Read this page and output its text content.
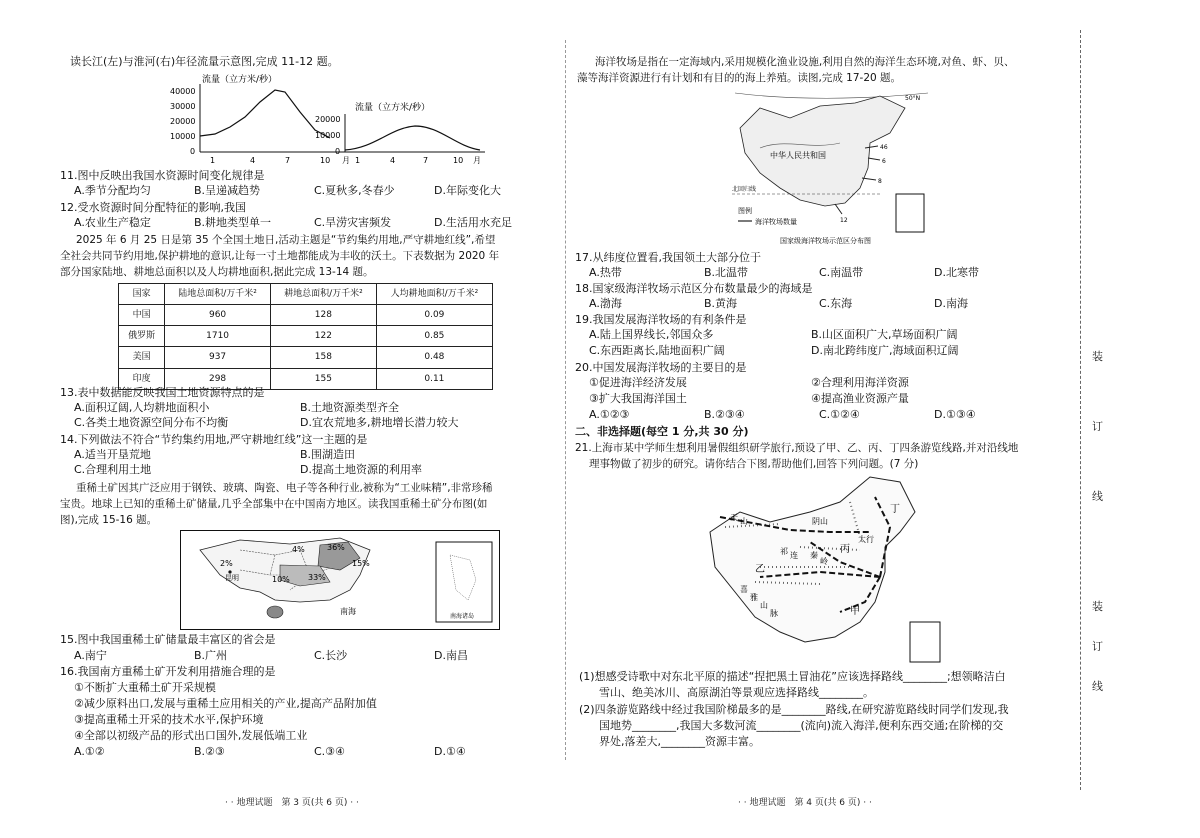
读长江(左)与淮河(右)年径流量示意图,完成 11-12 题。
流量（立方米/秒）
40000
30000
20000
10000
0
1	4	7	10 月
流量（立方米/秒）
20000
10000
0
1	4	7	10 月
11.图中反映出我国水资源时间变化规律是
A.季节分配均匀	B.呈递减趋势	C.夏秋多,冬春少	D.年际变化大
12.受水资源时间分配特征的影响,我国
A.农业生产稳定	B.耕地类型单一	C.旱涝灾害频发	D.生活用水充足
2025 年 6 月 25 日是第 35 个全国土地日,活动主题是“节约集约用地,严守耕地红线”,希望
全社会共同节约用地,保护耕地的意识,让每一寸土地都能成为丰收的沃土。下表数据为 2020 年
部分国家陆地、耕地总面积以及人均耕地面积,据此完成 13-14 题。
国家	陆地总面积/万千米²	耕地总面积/万千米²	人均耕地面积/万千米²
中国	960	128	0.09
俄罗斯	1710	122	0.85
美国	937	158	0.48
印度	298	155	0.11
13.表中数据能反映我国土地资源特点的是
A.面积辽阔,人均耕地面积小	B.土地资源类型齐全
C.各类土地资源空间分布不均衡	D.宜农荒地多,耕地增长潜力较大
14.下列做法不符合“节约集约用地,严守耕地红线”这一主题的是
A.适当开垦荒地	B.围湖造田
C.合理利用土地	D.提高土地资源的利用率
重稀土矿因其广泛应用于钢铁、玻璃、陶瓷、电子等各种行业,被称为“工业味精”,非常珍稀
宝贵。地球上已知的重稀土矿储量,几乎全部集中在中国南方地区。读我国重稀土矿分布图(如
图),完成 15-16 题。
4%	36%
2%
10% 33%
15%
昆明
南海
南海诸岛
15.图中我国重稀土矿储量最丰富区的省会是
A.南宁	B.广州	C.长沙	D.南昌
16.我国南方重稀土矿开发利用措施合理的是
①不断扩大重稀土矿开采规模
②减少原料出口,发展与重稀土应用相关的产业,提高产品附加值
③提高重稀土开采的技术水平,保护环境
④全部以初级产品的形式出口国外,发展低端工业
A.①②	B.②③	C.③④	D.①④
· · 地理试题　第 3 页(共 6 页) · ·
海洋牧场是指在一定海域内,采用规模化渔业设施,利用自然的海洋生态环境,对鱼、虾、贝、
藻等海洋资源进行有计划和有目的的海上养殖。读图,完成 17-20 题。
50°N
中华人民共和国
北回归线
46
6
8
12
图例
海洋牧场数量
国家级海洋牧场示范区分布图
17.从纬度位置看,我国领土大部分位于
A.热带	B.北温带	C.南温带	D.北寒带
18.国家级海洋牧场示范区分布数量最少的海域是
A.渤海	B.黄海	C.东海	D.南海
19.我国发展海洋牧场的有利条件是
A.陆上国界线长,邻国众多	B.山区面积广大,草场面积广阔
C.东西距离长,陆地面积广阔	D.南北跨纬度广,海域面积辽阔
20.中国发展海洋牧场的主要目的是
①促进海洋经济发展	②合理利用海洋资源
③扩大我国海洋国土	④提高渔业资源产量
A.①②③	B.②③④	C.①②④	D.①③④
二、非选择题(每空 1 分,共 30 分)
21.上海市某中学师生想利用暑假组织研学旅行,预设了甲、乙、丙、丁四条游览线路,并对沿线地
理事物做了初步的研究。请你结合下图,帮助他们,回答下列问题。(7 分)
丁
丙
乙
甲
阴山
太行
喜
雅
山
脉
秦
岭
天 山
祁 连
(1)想感受诗歌中对东北平原的描述“捏把黑土冒油花”应该选择路线________;想领略洁白
雪山、绝美冰川、高原湖泊等景观应选择路线________。
(2)四条游览路线中经过我国阶梯最多的是________路线,在研究游览路线时同学们发现,我
国地势________,我国大多数河流________(流向)流入海洋,便利东西交通;在阶梯的交
界处,落差大,________资源丰富。
· · 地理试题　第 4 页(共 6 页) · ·
装
订
线
装
订
线
